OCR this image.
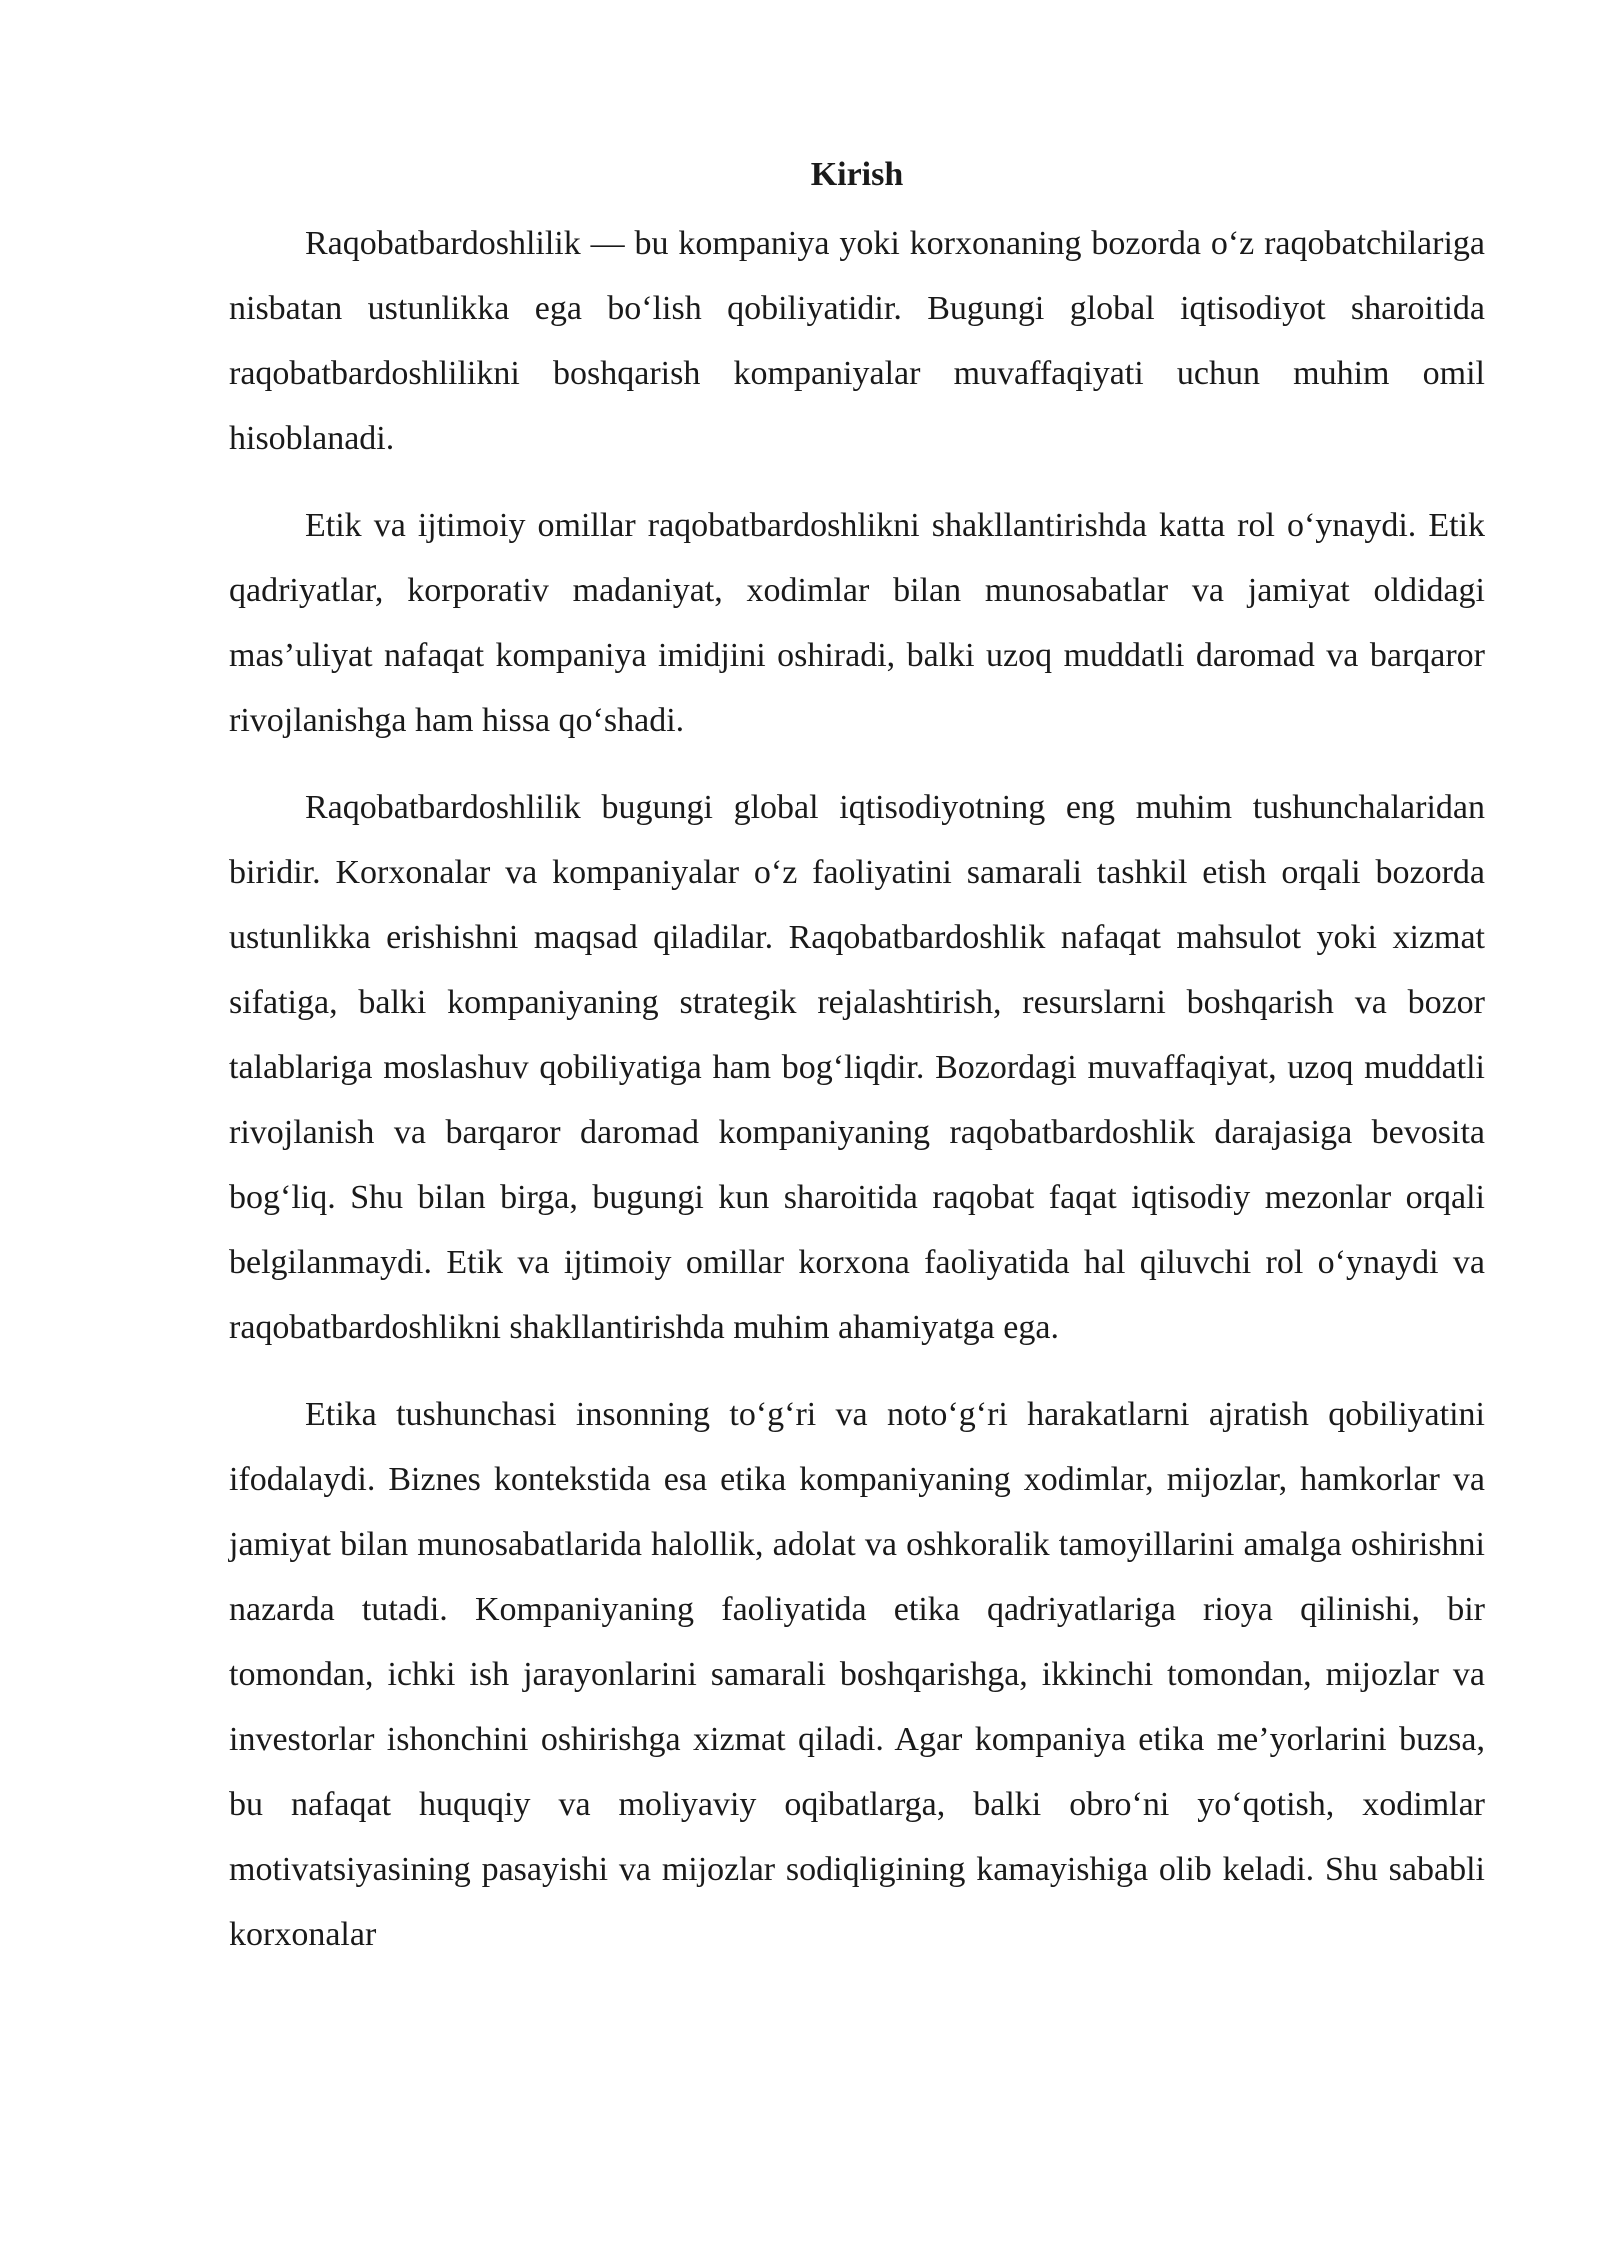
Kirish

Raqobatbardoshlilik — bu kompaniya yoki korxonaning bozorda o‘z raqobatchilariga nisbatan ustunlikka ega bo‘lish qobiliyatidir. Bugungi global iqtisodiyot sharoitida raqobatbardoshlilikni boshqarish kompaniyalar muvaffaqiyati uchun muhim omil hisoblanadi.

Etik va ijtimoiy omillar raqobatbardoshlikni shakllantirishda katta rol o‘ynaydi. Etik qadriyatlar, korporativ madaniyat, xodimlar bilan munosabatlar va jamiyat oldidagi mas’uliyat nafaqat kompaniya imidjini oshiradi, balki uzoq muddatli daromad va barqaror rivojlanishga ham hissa qo‘shadi.

Raqobatbardoshlilik bugungi global iqtisodiyotning eng muhim tushunchalaridan biridir. Korxonalar va kompaniyalar o‘z faoliyatini samarali tashkil etish orqali bozorda ustunlikka erishishni maqsad qiladilar. Raqobatbardoshlik nafaqat mahsulot yoki xizmat sifatiga, balki kompaniyaning strategik rejalashtirish, resurslarni boshqarish va bozor talablariga moslashuv qobiliyatiga ham bog‘liqdir. Bozordagi muvaffaqiyat, uzoq muddatli rivojlanish va barqaror daromad kompaniyaning raqobatbardoshlik darajasiga bevosita bog‘liq. Shu bilan birga, bugungi kun sharoitida raqobat faqat iqtisodiy mezonlar orqali belgilanmaydi. Etik va ijtimoiy omillar korxona faoliyatida hal qiluvchi rol o‘ynaydi va raqobatbardoshlikni shakllantirishda muhim ahamiyatga ega.

Etika tushunchasi insonning to‘g‘ri va noto‘g‘ri harakatlarni ajratish qobiliyatini ifodalaydi. Biznes kontekstida esa etika kompaniyaning xodimlar, mijozlar, hamkorlar va jamiyat bilan munosabatlarida halollik, adolat va oshkoralik tamoyillarini amalga oshirishni nazarda tutadi. Kompaniyaning faoliyatida etika qadriyatlariga rioya qilinishi, bir tomondan, ichki ish jarayonlarini samarali boshqarishga, ikkinchi tomondan, mijozlar va investorlar ishonchini oshirishga xizmat qiladi. Agar kompaniya etika me’yorlarini buzsa, bu nafaqat huquqiy va moliyaviy oqibatlarga, balki obro‘ni yo‘qotish, xodimlar motivatsiyasining pasayishi va mijozlar sodiqligining kamayishiga olib keladi. Shu sababli korxonalar
